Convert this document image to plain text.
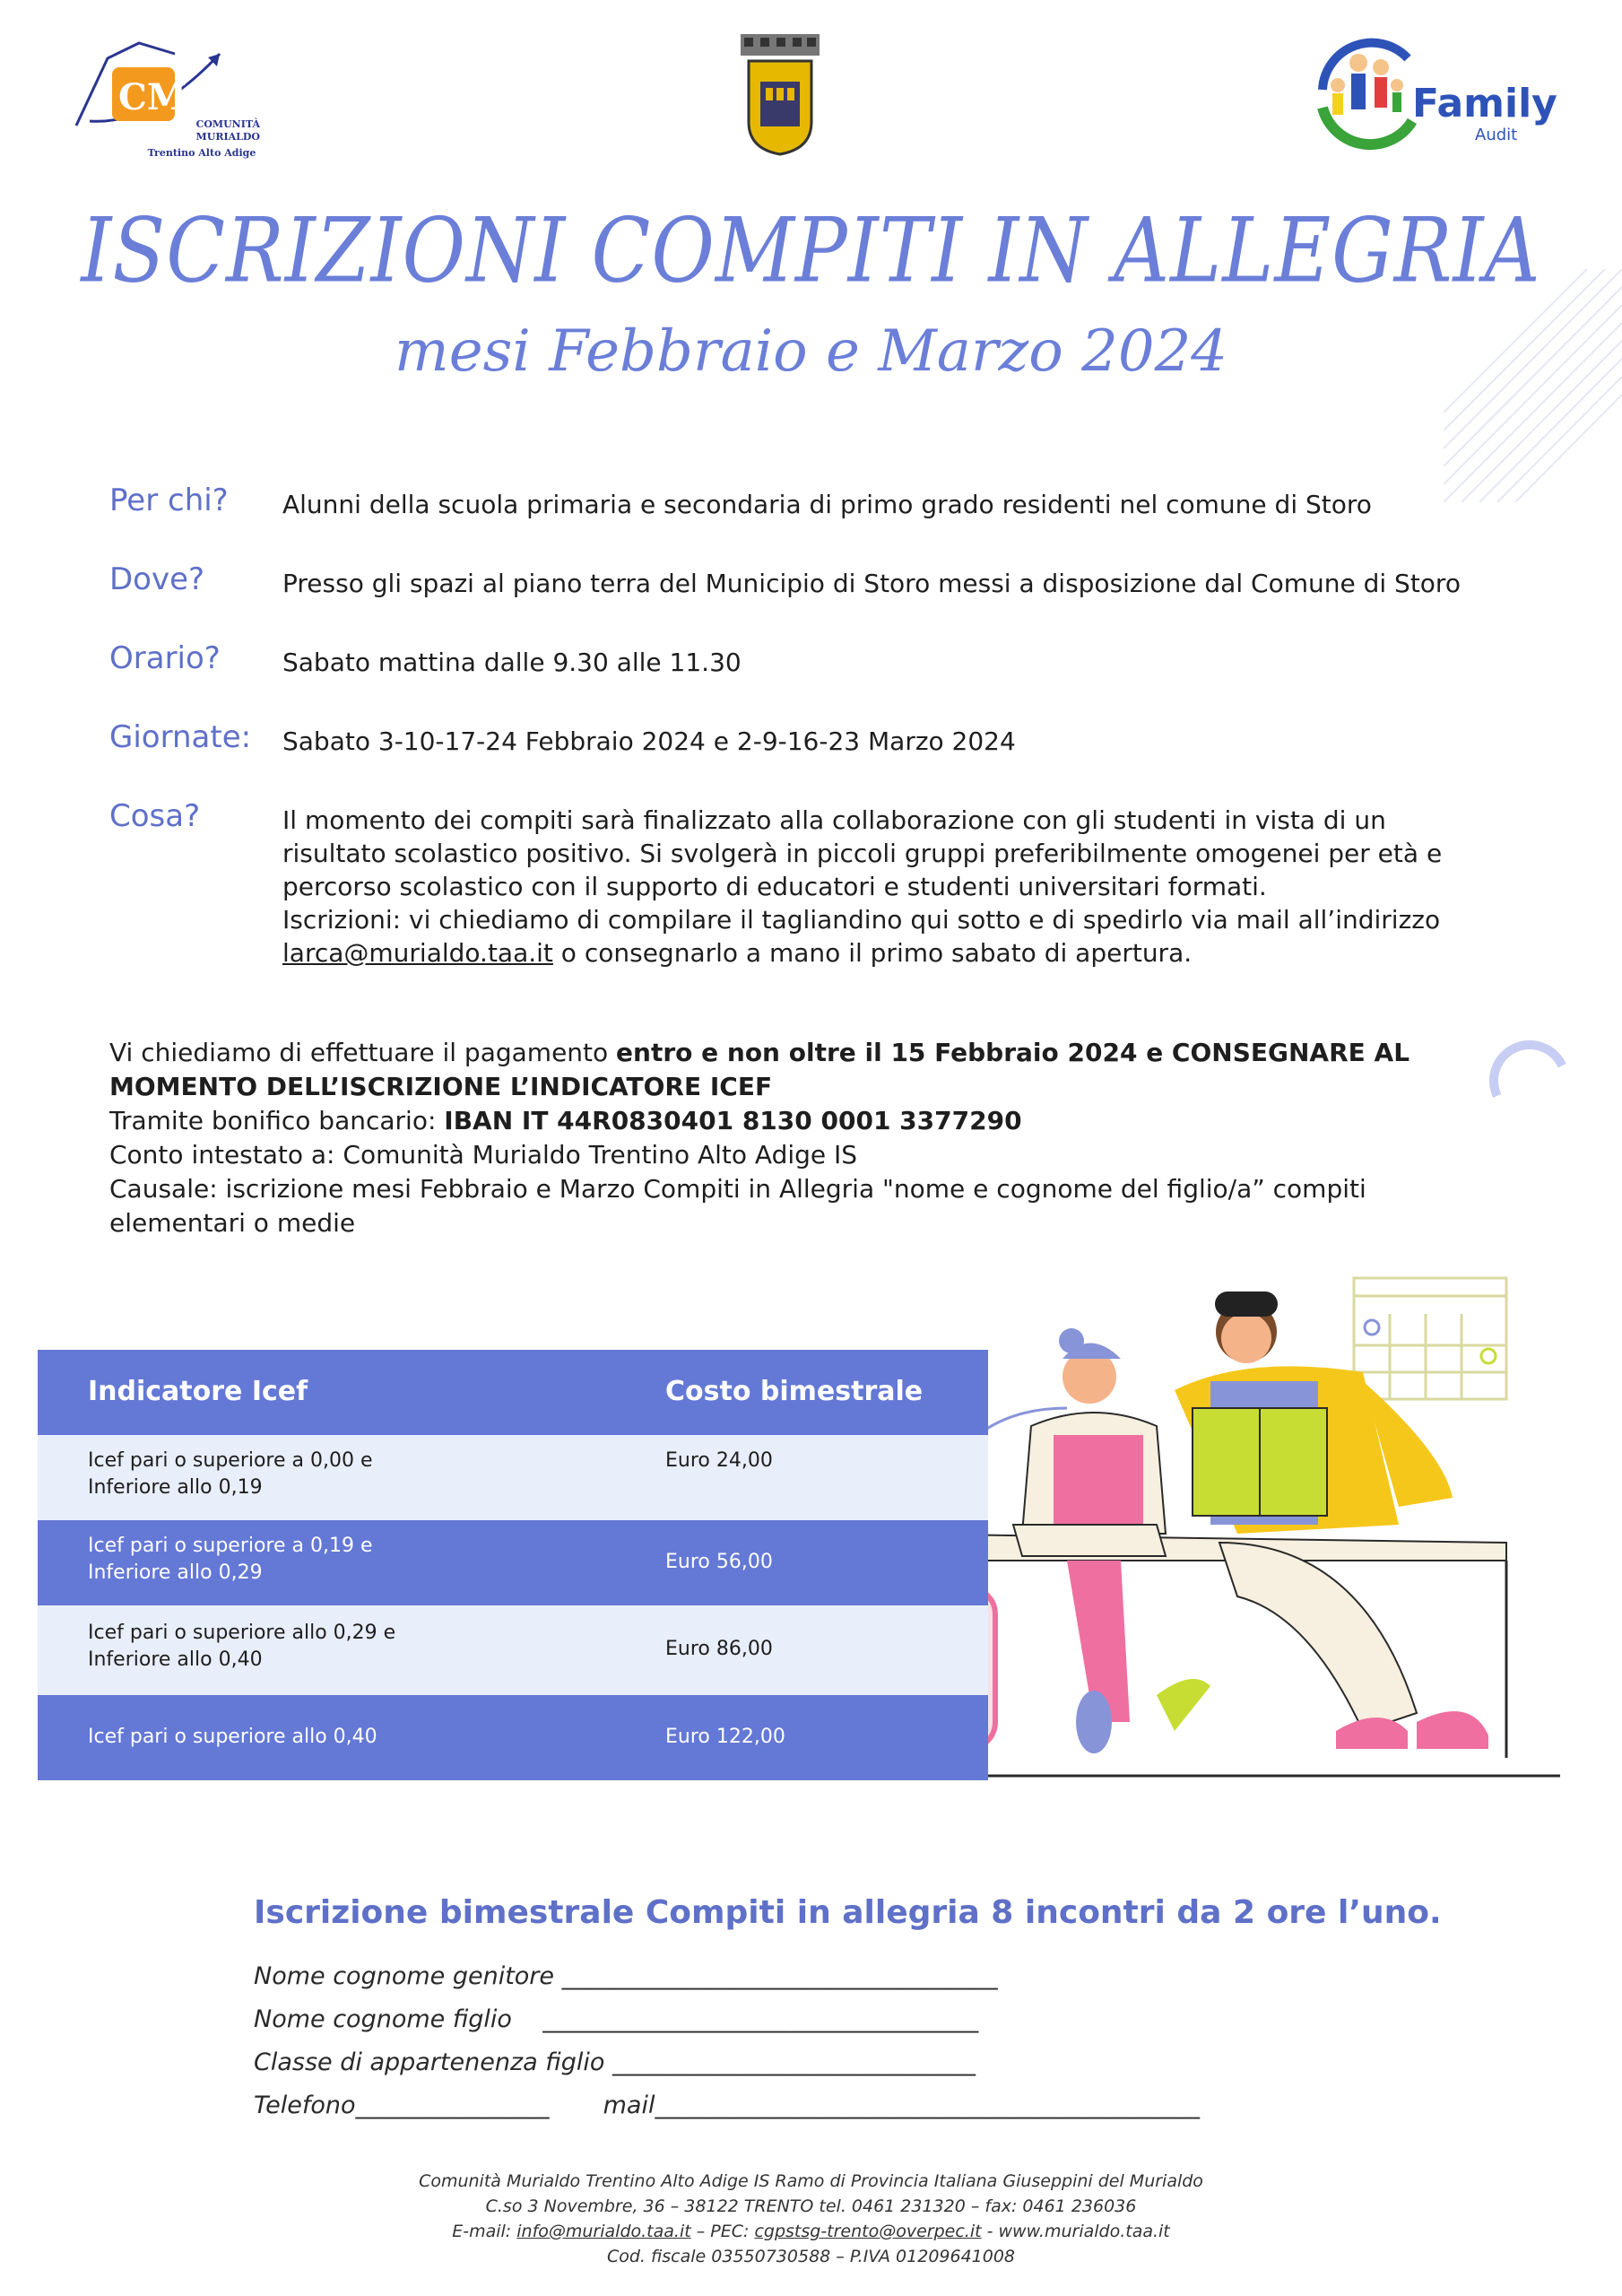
CM
COMUNITÀ
MURIALDO
Trentino Alto Adige
Family
Audit
ISCRIZIONI COMPITI IN ALLEGRIA
mesi Febbraio e Marzo 2024
Per chi? Alunni della scuola primaria e secondaria di primo grado residenti nel comune di Storo
Dove?	Presso gli spazi al piano terra del Municipio di Storo messi a disposizione dal Comune di Storo
Orario? Sabato mattina dalle 9.30 alle 11.30
Giornate: Sabato 3-10-17-24 Febbraio 2024 e 2-9-16-23 Marzo 2024
Cosa?	Il momento dei compiti sarà finalizzato alla collaborazione con gli studenti in vista di un
risultato scolastico positivo. Si svolgerà in piccoli gruppi preferibilmente omogenei per età e
percorso scolastico con il supporto di educatori e studenti universitari formati.
Iscrizioni: vi chiediamo di compilare il tagliandino qui sotto e di spedirlo via mail all’indirizzo
larca@murialdo.taa.it o consegnarlo a mano il primo sabato di apertura.
Vi chiediamo di effettuare il pagamento entro e non oltre il 15 Febbraio 2024 e CONSEGNARE AL
MOMENTO DELL’ISCRIZIONE L’INDICATORE ICEF
Tramite bonifico bancario: IBAN IT 44R0830401 8130 0001 3377290
Conto intestato a: Comunità Murialdo Trentino Alto Adige IS
Causale: iscrizione mesi Febbraio e Marzo Compiti in Allegria "nome e cognome del figlio/a” compiti
elementari o medie
Indicatore Icef	Costo bimestrale
Icef pari o superiore a 0,00 e
Inferiore allo 0,19
Euro 24,00
Icef pari o superiore a 0,19 e
Inferiore allo 0,29	Euro 56,00
Icef pari o superiore allo 0,29 e
Inferiore allo 0,40	Euro 86,00
Icef pari o superiore allo 0,40	Euro 122,00
Iscrizione bimestrale Compiti in allegria 8 incontri da 2 ore l’uno.
Nome cognome genitore ____________________________________
Nome cognome figlio    ____________________________________
Classe di appartenenza figlio ______________________________
Telefono________________       mail_____________________________________________
Comunità Murialdo Trentino Alto Adige IS Ramo di Provincia Italiana Giuseppini del Murialdo
C.so 3 Novembre, 36 – 38122 TRENTO tel. 0461 231320 – fax: 0461 236036
E-mail: info@murialdo.taa.it – PEC: cgpstsg-trento@overpec.it - www.murialdo.taa.it
Cod. fiscale 03550730588 – P.IVA 01209641008
